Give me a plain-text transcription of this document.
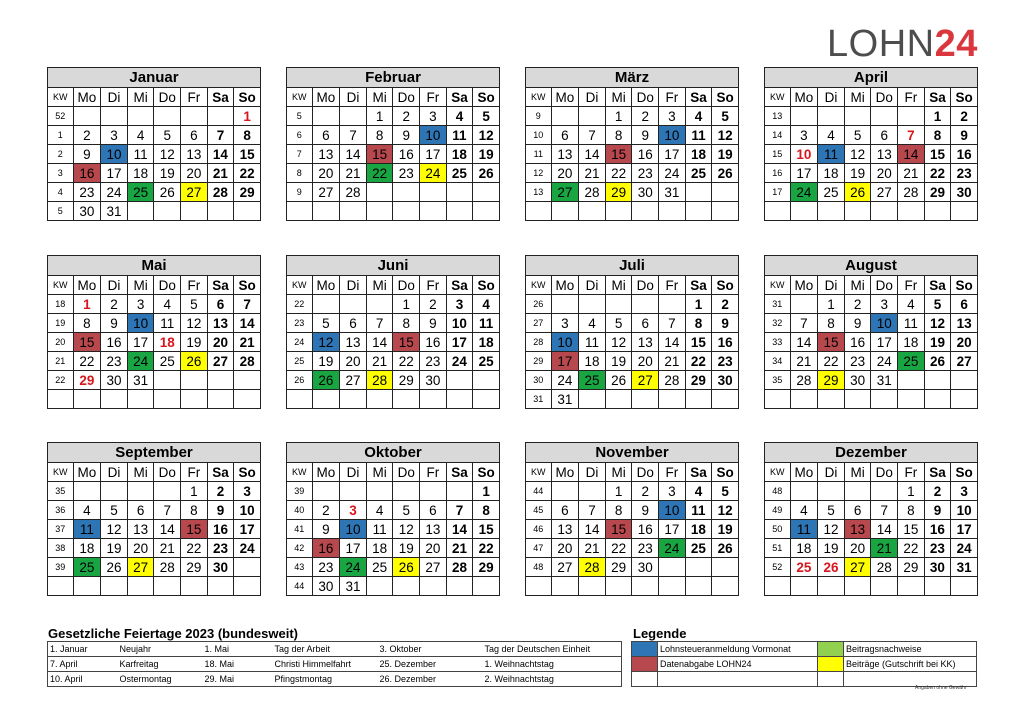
LOHN24
Januar							
KW	Mo	Di	Mi	Do	Fr	Sa	So
52							1
1	2	3	4	5	6	7	8
2	9	10	11	12	13	14	15
3	16	17	18	19	20	21	22
4	23	24	25	26	27	28	29
5	30	31					
Februar							
KW	Mo	Di	Mi	Do	Fr	Sa	So
5			1	2	3	4	5
6	6	7	8	9	10	11	12
7	13	14	15	16	17	18	19
8	20	21	22	23	24	25	26
9	27	28					

März							
KW	Mo	Di	Mi	Do	Fr	Sa	So
9			1	2	3	4	5
10	6	7	8	9	10	11	12
11	13	14	15	16	17	18	19
12	20	21	22	23	24	25	26
13	27	28	29	30	31		

April							
KW	Mo	Di	Mi	Do	Fr	Sa	So
13						1	2
14	3	4	5	6	7	8	9
15	10	11	12	13	14	15	16
16	17	18	19	20	21	22	23
17	24	25	26	27	28	29	30

Mai							
KW	Mo	Di	Mi	Do	Fr	Sa	So
18	1	2	3	4	5	6	7
19	8	9	10	11	12	13	14
20	15	16	17	18	19	20	21
21	22	23	24	25	26	27	28
22	29	30	31				

Juni							
KW	Mo	Di	Mi	Do	Fr	Sa	So
22				1	2	3	4
23	5	6	7	8	9	10	11
24	12	13	14	15	16	17	18
25	19	20	21	22	23	24	25
26	26	27	28	29	30		

Juli							
KW	Mo	Di	Mi	Do	Fr	Sa	So
26						1	2
27	3	4	5	6	7	8	9
28	10	11	12	13	14	15	16
29	17	18	19	20	21	22	23
30	24	25	26	27	28	29	30
31	31						
August							
KW	Mo	Di	Mi	Do	Fr	Sa	So
31		1	2	3	4	5	6
32	7	8	9	10	11	12	13
33	14	15	16	17	18	19	20
34	21	22	23	24	25	26	27
35	28	29	30	31			

September							
KW	Mo	Di	Mi	Do	Fr	Sa	So
35					1	2	3
36	4	5	6	7	8	9	10
37	11	12	13	14	15	16	17
38	18	19	20	21	22	23	24
39	25	26	27	28	29	30	

Oktober							
KW	Mo	Di	Mi	Do	Fr	Sa	So
39							1
40	2	3	4	5	6	7	8
41	9	10	11	12	13	14	15
42	16	17	18	19	20	21	22
43	23	24	25	26	27	28	29
44	30	31					
November							
KW	Mo	Di	Mi	Do	Fr	Sa	So
44			1	2	3	4	5
45	6	7	8	9	10	11	12
46	13	14	15	16	17	18	19
47	20	21	22	23	24	25	26
48	27	28	29	30			

Dezember							
KW	Mo	Di	Mi	Do	Fr	Sa	So
48					1	2	3
49	4	5	6	7	8	9	10
50	11	12	13	14	15	16	17
51	18	19	20	21	22	23	24
52	25	26	27	28	29	30	31

Gesetzliche Feiertage 2023 (bundesweit)
1. Januar	Neujahr	1. Mai	Tag der Arbeit	3. Oktober	Tag der Deutschen Einheit
7. April	Karfreitag	18. Mai	Christi Himmelfahrt	25. Dezember	1. Weihnachtstag
10. April	Ostermontag	29. Mai	Pfingstmontag	26. Dezember	2. Weihnachtstag
Legende
	Lohnsteueranmeldung Vormonat		Beitragsnachweise
	Datenabgabe LOHN24		Beiträge (Gutschrift bei KK)

Angaben ohne Gewähr
